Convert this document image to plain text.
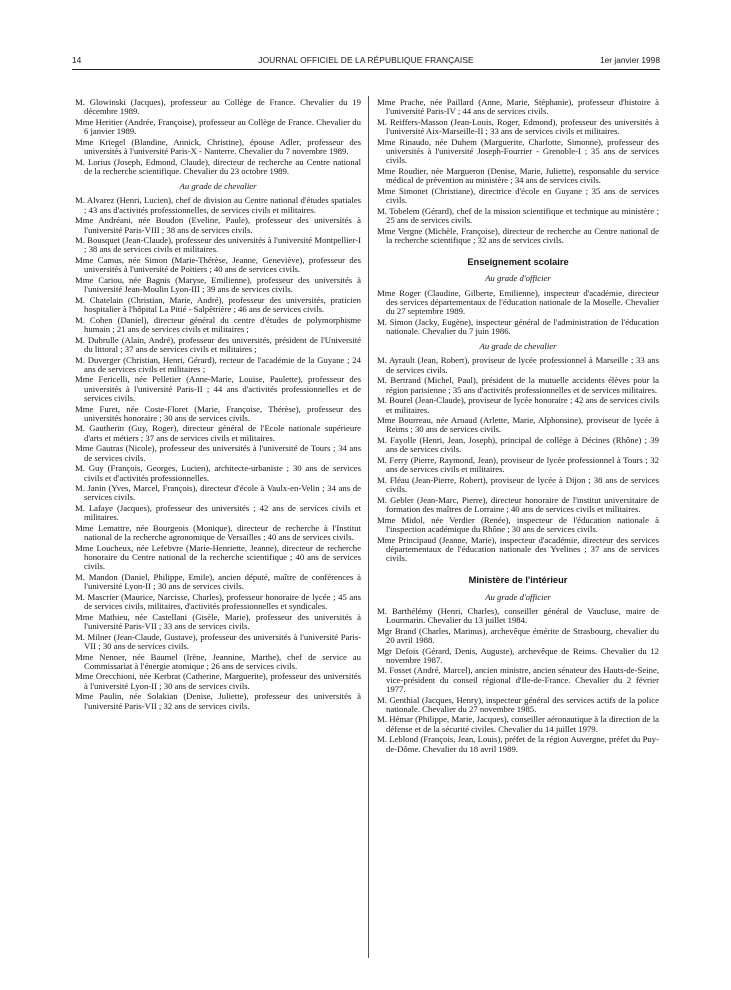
14	JOURNAL OFFICIEL DE LA RÉPUBLIQUE FRANÇAISE	1er janvier 1998

M. Glowinski (Jacques), professeur au Collège de France. Chevalier du 19 décembre 1989.

Mme Heritier (Andrée, Françoise), professeur au Collège de France. Chevalier du 6 janvier 1989.

Mme Kriegel (Blandine, Annick, Christine), épouse Adler, professeur des universités à l'université Paris-X - Nanterre. Chevalier du 7 novembre 1989.

M. Lorius (Joseph, Edmond, Claude), directeur de recherche au Centre national de la recherche scientifique. Chevalier du 23 octobre 1989.

Au grade de chevalier

M. Alvarez (Henri, Lucien), chef de division au Centre national d'études spatiales ; 43 ans d'activités professionnelles, de services civils et militaires.

Mme Andréani, née Boudon (Eveline, Paule), professeur des universités à l'université Paris-VIII ; 38 ans de services civils.

M. Bousquet (Jean-Claude), professeur des universités à l'université Montpellier-I ; 38 ans de services civils et militaires.

Mme Camus, née Simon (Marie-Thérèse, Jeanne, Geneviève), professeur des universités à l'université de Poitiers ; 40 ans de services civils.

Mme Cariou, née Bagnis (Maryse, Emilienne), professeur des universités à l'université Jean-Moulin Lyon-III ; 39 ans de services civils.

M. Chatelain (Christian, Marie, André), professeur des universités, praticien hospitalier à l'hôpital La Pitié - Salpêtrière ; 46 ans de services civils.

M. Cohen (Daniel), directeur général du centre d'études de polymorphisme humain ; 21 ans de services civils et militaires ;

M. Dubrulle (Alain, André), professeur des universités, président de l'Université du littoral ; 37 ans de services civils et militaires ;

M. Duverger (Christian, Henri, Gérard), recteur de l'académie de la Guyane ; 24 ans de services civils et militaires ;

Mme Fericelli, née Pelletier (Anne-Marie, Louise, Paulette), professeur des universités à l'université Paris-II ; 44 ans d'activités professionnelles et de services civils.

Mme Furet, née Coste-Floret (Marie, Françoise, Thérèse), professeur des universités honoraire ; 30 ans de services civils.

M. Gautherin (Guy, Roger), directeur général de l'Ecole nationale supérieure d'arts et métiers ; 37 ans de services civils et militaires.

Mme Gautras (Nicole), professeur des universités à l'université de Tours ; 34 ans de services civils.

M. Guy (François, Georges, Lucien), architecte-urbaniste ; 30 ans de services civils et d'activités professionnelles.

M. Janin (Yves, Marcel, François), directeur d'école à Vaulx-en-Velin ; 34 ans de services civils.

M. Lafaye (Jacques), professeur des universités ; 42 ans de services civils et militaires.

Mme Lemattre, née Bourgeois (Monique), directeur de recherche à l'Institut national de la recherche agronomique de Versailles ; 40 ans de services civils.

Mme Loucheux, née Lefebvre (Marie-Henriette, Jeanne), directeur de recherche honoraire du Centre national de la recherche scientifique ; 40 ans de services civils.

M. Mandon (Daniel, Philippe, Emile), ancien député, maître de conférences à l'université Lyon-II ; 30 ans de services civils.

M. Mascrier (Maurice, Narcisse, Charles), professeur honoraire de lycée ; 45 ans de services civils, militaires, d'activités professionnelles et syndicales.

Mme Mathieu, née Castellani (Gisèle, Marie), professeur des universités à l'université Paris-VII ; 33 ans de services civils.

M. Milner (Jean-Claude, Gustave), professeur des universités à l'université Paris-VII ; 30 ans de services civils.

Mme Nenner, née Baumel (Irène, Jeannine, Marthe), chef de service au Commissariat à l'énergie atomique ; 26 ans de services civils.

Mme Orecchioni, née Kerbrat (Catherine, Marguerite), professeur des universités à l'université Lyon-II ; 30 ans de services civils.

Mme Paulin, née Solakian (Denise, Juliette), professeur des universités à l'université Paris-VII ; 32 ans de services civils.

Mme Prache, née Paillard (Anne, Marie, Stéphanie), professeur d'histoire à l'université Paris-IV ; 44 ans de services civils.

M. Reiffers-Masson (Jean-Louis, Roger, Edmond), professeur des universités à l'université Aix-Marseille-II ; 33 ans de services civils et militaires.

Mme Rinaudo, née Duhem (Marguerite, Charlotte, Simonne), professeur des universités à l'université Joseph-Fourrier - Grenoble-I ; 35 ans de services civils.

Mme Roudier, née Margueron (Denise, Marie, Juliette), responsable du service médical de prévention au ministère ; 34 ans de services civils.

Mme Simonet (Christiane), directrice d'école en Guyane ; 35 ans de services civils.

M. Tobelem (Gérard), chef de la mission scientifique et technique au ministère ; 25 ans de services civils.

Mme Vergne (Michèle, Françoise), directeur de recherche au Centre national de la recherche scientifique ; 32 ans de services civils.

Enseignement scolaire

Au grade d'officier

Mme Roger (Claudine, Gilberte, Emilienne), inspecteur d'académie, directeur des services départementaux de l'éducation nationale de la Moselle. Chevalier du 27 septembre 1989.

M. Simon (Jacky, Eugène), inspecteur général de l'administration de l'éducation nationale. Chevalier du 7 juin 1986.

Au grade de chevalier

M. Ayrault (Jean, Robert), proviseur de lycée professionnel à Marseille ; 33 ans de services civils.

M. Bertrand (Michel, Paul), président de la mutuelle accidents élèves pour la région parisienne ; 35 ans d'activités professionnelles et de services militaires.

M. Bourel (Jean-Claude), proviseur de lycée honoraire ; 42 ans de services civils et militaires.

Mme Bourreau, née Arnaud (Arlette, Marie, Alphonsine), proviseur de lycée à Reims ; 30 ans de services civils.

M. Fayolle (Henri, Jean, Joseph), principal de collège à Décines (Rhône) ; 39 ans de services civils.

M. Ferry (Pierre, Raymond, Jean), proviseur de lycée professionnel à Tours ; 32 ans de services civils et militaires.

M. Fléau (Jean-Pierre, Robert), proviseur de lycée à Dijon ; 38 ans de services civils.

M. Gebler (Jean-Marc, Pierre), directeur honoraire de l'institut universitaire de formation des maîtres de Lorraine ; 40 ans de services civils et militaires.

Mme Midol, née Verdier (Renée), inspecteur de l'éducation nationale à l'inspection académique du Rhône ; 30 ans de services civils.

Mme Principaud (Jeanne, Marie), inspecteur d'académie, directeur des services départementaux de l'éducation nationale des Yvelines ; 37 ans de services civils.

Ministère de l'intérieur

Au grade d'officier

M. Barthélémy (Henri, Charles), conseiller général de Vaucluse, maire de Lourmarin. Chevalier du 13 juillet 1984.

Mgr Brand (Charles, Marinus), archevêque émérite de Strasbourg, chevalier du 20 avril 1988.

Mgr Defois (Gérard, Denis, Auguste), archevêque de Reims. Chevalier du 12 novembre 1987.

M. Fosset (André, Marcel), ancien ministre, ancien sénateur des Hauts-de-Seine, vice-président du conseil régional d'Ile-de-France. Chevalier du 2 février 1977.

M. Genthial (Jacques, Henry), inspecteur général des services actifs de la police nationale. Chevalier du 27 novembre 1985.

M. Hémar (Philippe, Marie, Jacques), conseiller aéronautique à la direction de la défense et de la sécurité civiles. Chevalier du 14 juillet 1979.

M. Leblond (François, Jean, Louis), préfet de la région Auvergne, préfet du Puy-de-Dôme. Chevalier du 18 avril 1989.
